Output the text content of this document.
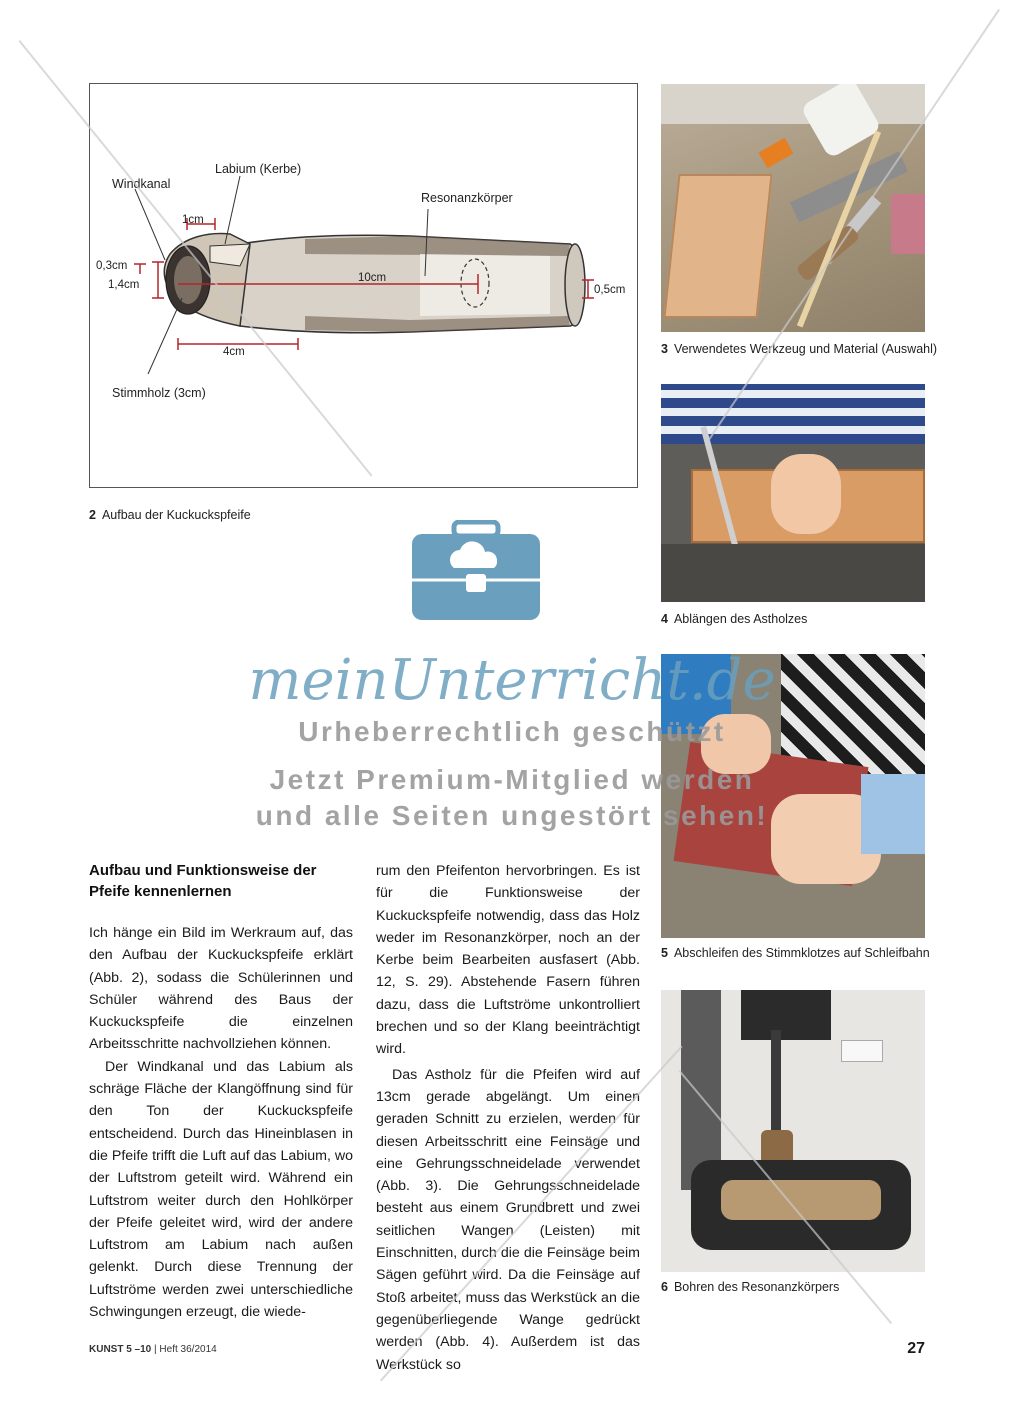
Windkanal
Labium (Kerbe)
Resonanzkörper
1cm
0,3cm
1,4cm
10cm
0,5cm
4cm
Stimmholz (3cm)
2 Aufbau der Kuckuckspfeife
3 Verwendetes Werkzeug und Material (Auswahl)
4 Ablängen des Astholzes
5 Abschleifen des Stimmklotzes auf Schleifbahn
6 Bohren des Resonanzkörpers
meinUnterricht.de
Urheberrechtlich geschützt
Jetzt Premium-Mitglied werden
und alle Seiten ungestört sehen!
Aufbau und Funktionsweise der Pfeife kennenlernen

Ich hänge ein Bild im Werkraum auf, das den Aufbau der Kuckuckspfeife erklärt (Abb. 2), sodass die Schülerinnen und Schüler während des Baus der Kuckuckspfeife die einzelnen Arbeitsschritte nachvollziehen können.

Der Windkanal und das Labium als schräge Fläche der Klangöffnung sind für den Ton der Kuckuckspfeife entscheidend. Durch das Hineinblasen in die Pfeife trifft die Luft auf das Labium, wo der Luftstrom geteilt wird. Während ein Luftstrom weiter durch den Hohlkörper der Pfeife geleitet wird, wird der andere Luftstrom am Labium nach außen gelenkt. Durch diese Trennung der Luftströme werden zwei unterschiedliche Schwingungen erzeugt, die wiede-

rum den Pfeifenton hervorbringen. Es ist für die Funktionsweise der Kuckuckspfeife notwendig, dass das Holz weder im Resonanzkörper, noch an der Kerbe beim Bearbeiten ausfasert (Abb. 12, S. 29). Abstehende Fasern führen dazu, dass die Luftströme unkontrolliert brechen und so der Klang beeinträchtigt wird.

Das Astholz für die Pfeifen wird auf 13cm gerade abgelängt. Um einen geraden Schnitt zu erzielen, werden für diesen Arbeitsschritt eine Feinsäge und eine Gehrungsschneidelade verwendet (Abb. 3). Die Gehrungsschneidelade besteht aus einem Grundbrett und zwei seitlichen Wangen (Leisten) mit Einschnitten, durch die die Feinsäge beim Sägen geführt wird. Da die Feinsäge auf Stoß arbeitet, muss das Werkstück an die gegenüberliegende Wange gedrückt werden (Abb. 4). Außerdem ist das Werkstück so

KUNST 5 –10 | Heft 36/2014	27
